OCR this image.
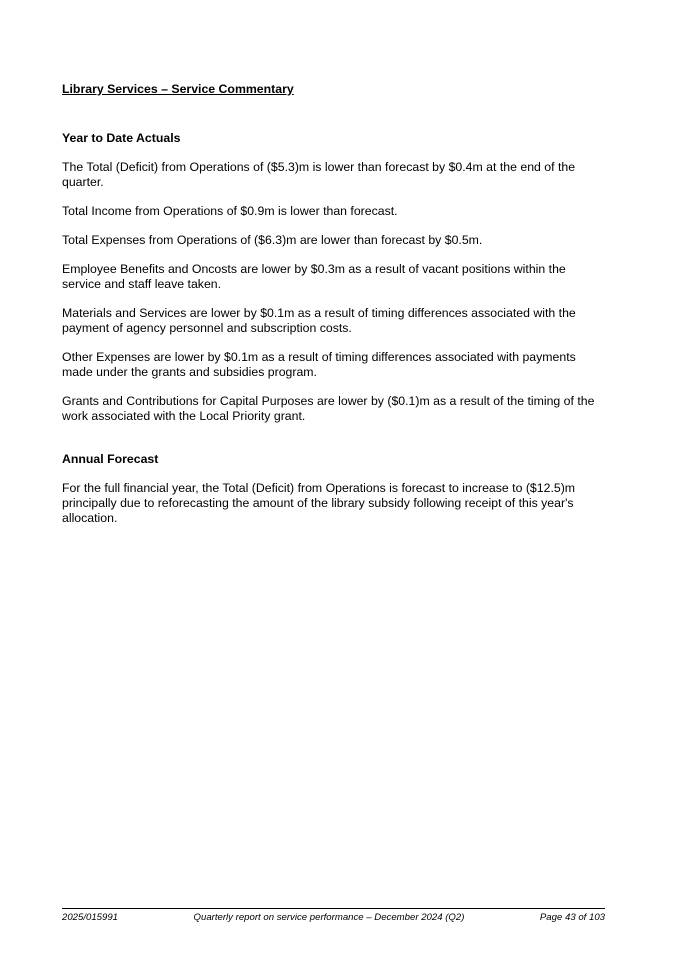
Library Services – Service Commentary

Year to Date Actuals

The Total (Deficit) from Operations of ($5.3)m is lower than forecast by $0.4m at the end of the quarter.

Total Income from Operations of $0.9m is lower than forecast.

Total Expenses from Operations of ($6.3)m are lower than forecast by $0.5m.

Employee Benefits and Oncosts are lower by $0.3m as a result of vacant positions within the service and staff leave taken.

Materials and Services are lower by $0.1m as a result of timing differences associated with the payment of agency personnel and subscription costs.

Other Expenses are lower by $0.1m as a result of timing differences associated with payments made under the grants and subsidies program.

Grants and Contributions for Capital Purposes are lower by ($0.1)m as a result of the timing of the work associated with the Local Priority grant.

Annual Forecast

For the full financial year, the Total (Deficit) from Operations is forecast to increase to ($12.5)m principally due to reforecasting the amount of the library subsidy following receipt of this year's allocation.

2025/015991	Quarterly report on service performance – December 2024 (Q2)	Page 43 of 103
